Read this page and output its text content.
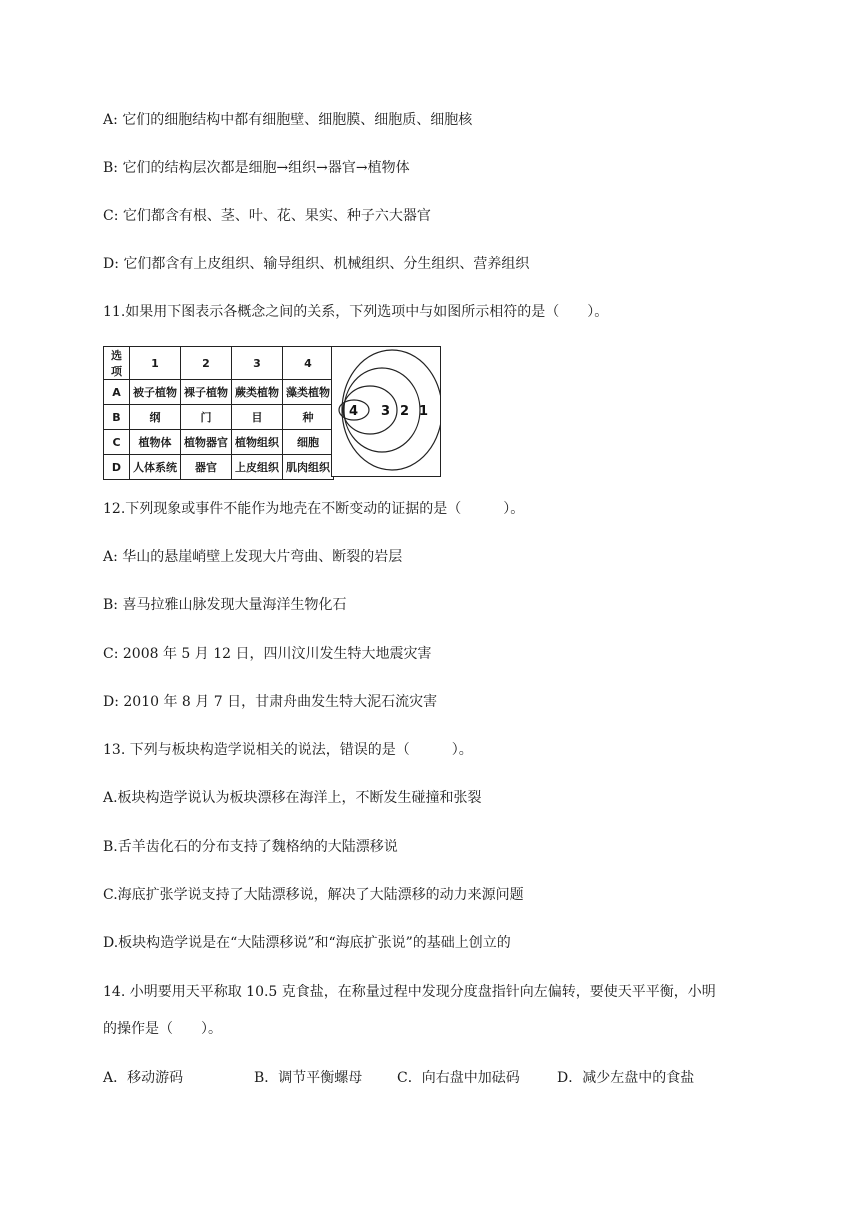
A: 它们的细胞结构中都有细胞壁、细胞膜、细胞质、细胞核
B: 它们的结构层次都是细胞→组织→器官→植物体
C: 它们都含有根、茎、叶、花、果实、种子六大器官
D: 它们都含有上皮组织、输导组织、机械组织、分生组织、营养组织
11.如果用下图表示各概念之间的关系，下列选项中与如图所示相符的是（　　）。
选项	1	2	3	4
A	被子植物	裸子植物	蕨类植物	藻类植物
B	纲	门	目	种
C	植物体	植物器官	植物组织	细胞
D	人体系统	器官	上皮组织	肌肉组织
4 3 2 1
12.下列现象或事件不能作为地壳在不断变动的证据的是（　　　）。
A: 华山的悬崖峭壁上发现大片弯曲、断裂的岩层
B: 喜马拉雅山脉发现大量海洋生物化石
C: 2008 年 5 月 12 日，四川汶川发生特大地震灾害
D: 2010 年 8 月 7 日，甘肃舟曲发生特大泥石流灾害
13. 下列与板块构造学说相关的说法，错误的是（　　　）。
A.板块构造学说认为板块漂移在海洋上，不断发生碰撞和张裂
B.舌羊齿化石的分布支持了魏格纳的大陆漂移说
C.海底扩张学说支持了大陆漂移说，解决了大陆漂移的动力来源问题
D.板块构造学说是在“大陆漂移说”和“海底扩张说”的基础上创立的
14. 小明要用天平称取 10.5 克食盐，在称量过程中发现分度盘指针向左偏转，要使天平平衡，小明
的操作是（　　）。
A．移动游码	B．调节平衡螺母 C．向右盘中加砝码	D．减少左盘中的食盐
